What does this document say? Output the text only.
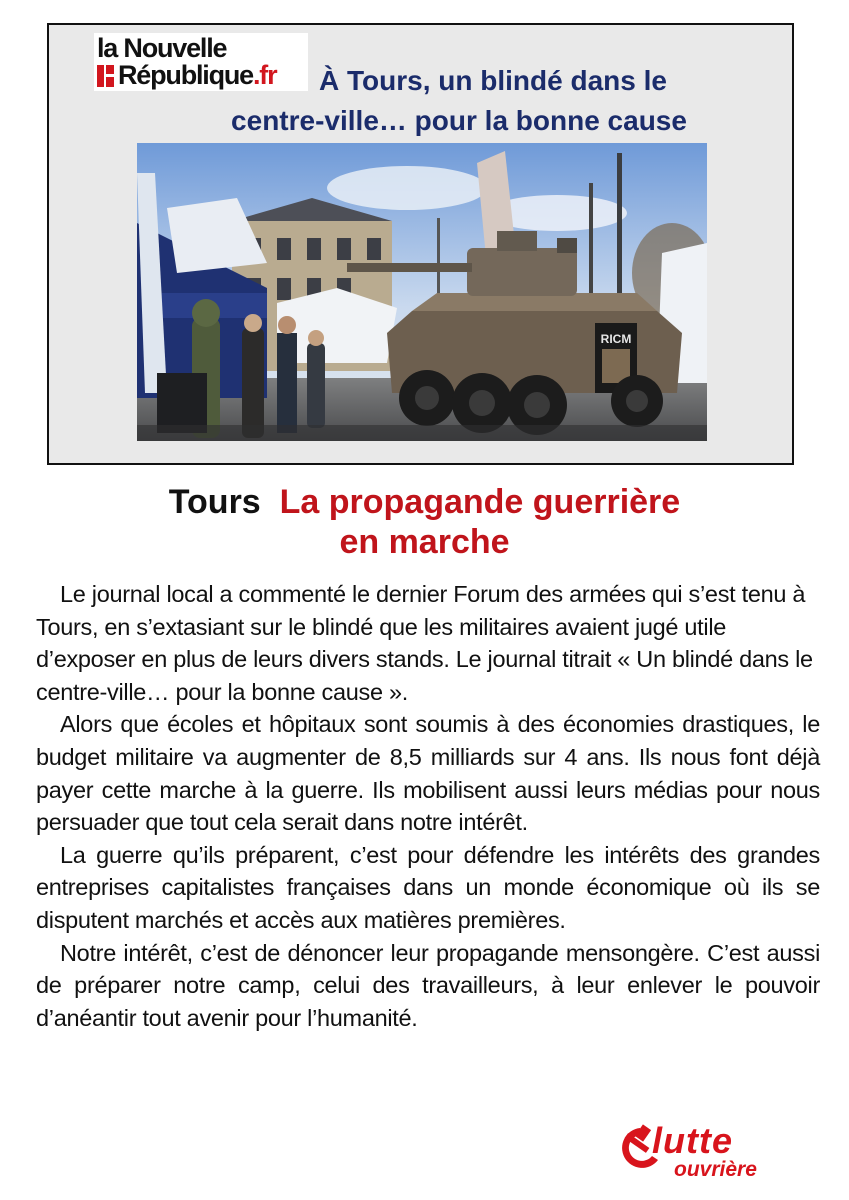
la Nouvelle
République .fr	À Tours, un blindé dans le
centre-ville… pour la bonne cause
RICM
Tours La propagande guerrière
en marche

Le journal local a commenté le dernier Forum des armées qui s’est tenu à Tours, en s’extasiant sur le blindé que les militaires avaient jugé utile d’exposer en plus de leurs divers stands. Le journal titrait « Un blindé dans le centre-ville… pour la bonne cause ».

Alors que écoles et hôpitaux sont soumis à des économies drastiques, le budget militaire va augmenter de 8,5 milliards sur 4 ans. Ils nous font déjà payer cette marche à la guerre. Ils mobilisent aussi leurs médias pour nous persuader que tout cela serait dans notre intérêt.

La guerre qu’ils préparent, c’est pour défendre les intérêts des grandes entreprises capitalistes françaises dans un monde économique où ils se disputent marchés et accès aux matières premières.

Notre intérêt, c’est de dénoncer leur propagande mensongère. C’est aussi de préparer notre camp, celui des travailleurs, à leur enlever le pouvoir d’anéantir tout avenir pour l’humanité.

lutte
ouvrière
